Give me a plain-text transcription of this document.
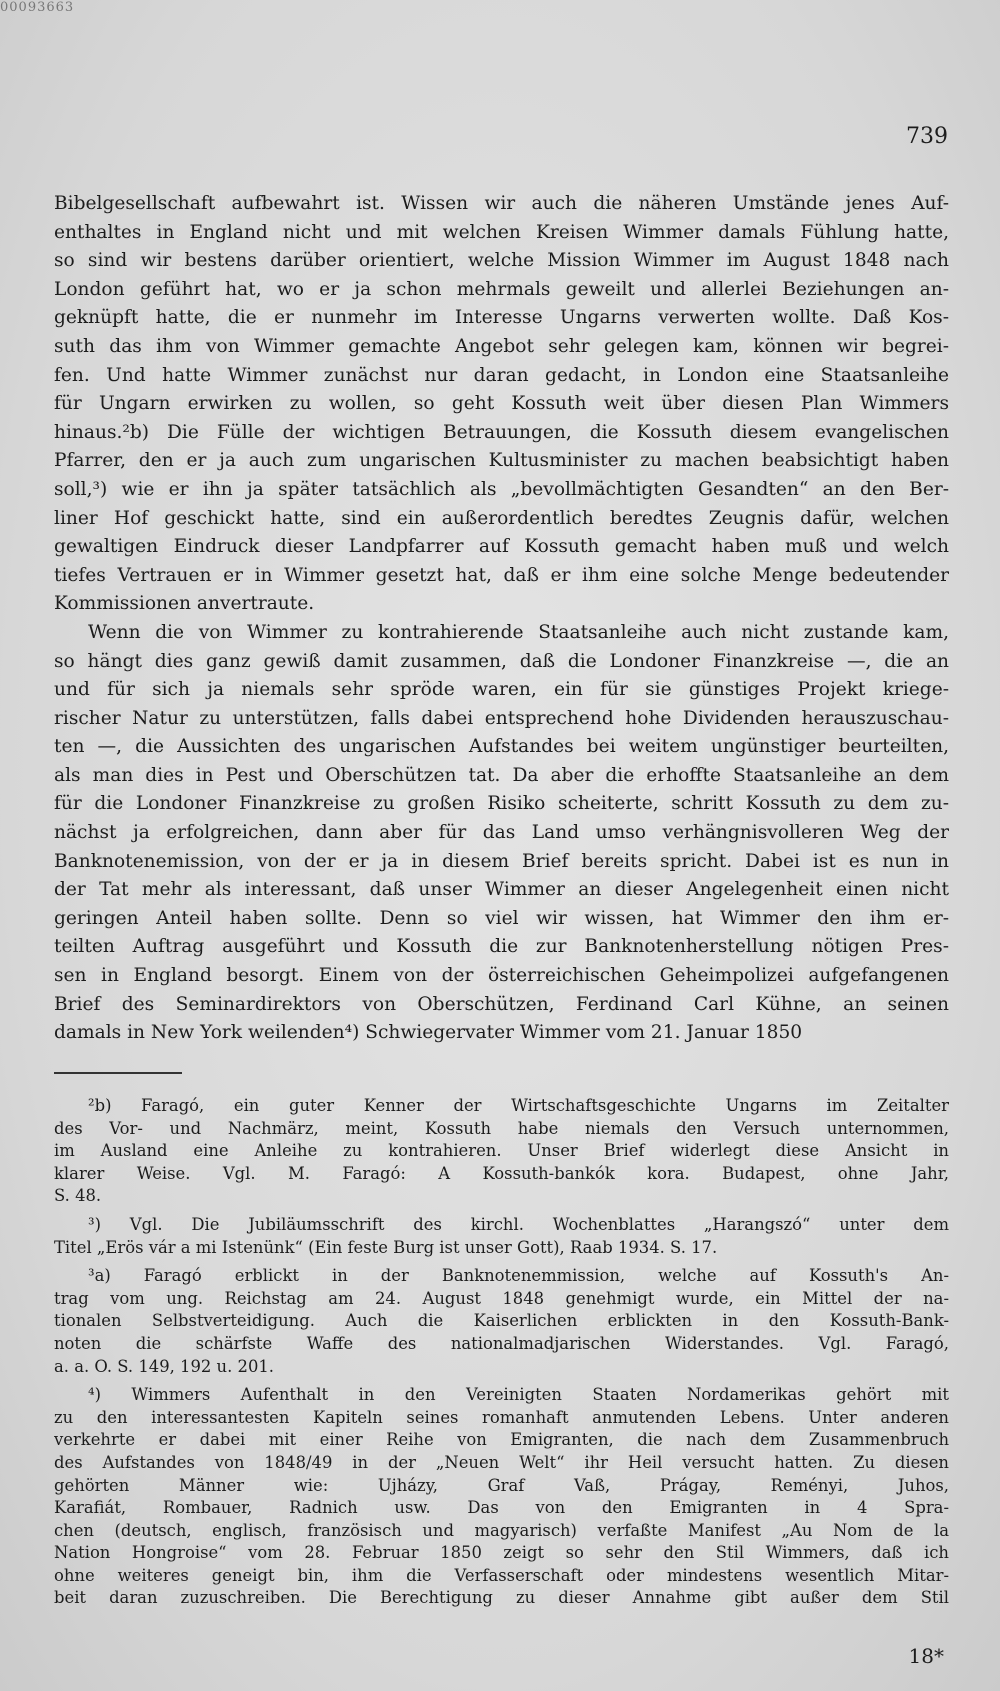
00093663
739
Bibelgesellschaft aufbewahrt ist. Wissen wir auch die näheren Umstände jenes Auf-
enthaltes in England nicht und mit welchen Kreisen Wimmer damals Fühlung hatte,
so sind wir bestens darüber orientiert, welche Mission Wimmer im August 1848 nach
London geführt hat, wo er ja schon mehrmals geweilt und allerlei Beziehungen an-
geknüpft hatte, die er nunmehr im Interesse Ungarns verwerten wollte. Daß Kos-
suth das ihm von Wimmer gemachte Angebot sehr gelegen kam, können wir begrei-
fen. Und hatte Wimmer zunächst nur daran gedacht, in London eine Staatsanleihe
für Ungarn erwirken zu wollen, so geht Kossuth weit über diesen Plan Wimmers
hinaus.²b) Die Fülle der wichtigen Betrauungen, die Kossuth diesem evangelischen
Pfarrer, den er ja auch zum ungarischen Kultusminister zu machen beabsichtigt haben
soll,³) wie er ihn ja später tatsächlich als „bevollmächtigten Gesandten“ an den Ber-
liner Hof geschickt hatte, sind ein außerordentlich beredtes Zeugnis dafür, welchen
gewaltigen Eindruck dieser Landpfarrer auf Kossuth gemacht haben muß und welch
tiefes Vertrauen er in Wimmer gesetzt hat, daß er ihm eine solche Menge bedeutender
Kommissionen anvertraute.
Wenn die von Wimmer zu kontrahierende Staatsanleihe auch nicht zustande kam,
so hängt dies ganz gewiß damit zusammen, daß die Londoner Finanzkreise —, die an
und für sich ja niemals sehr spröde waren, ein für sie günstiges Projekt kriege-
rischer Natur zu unterstützen, falls dabei entsprechend hohe Dividenden herauszuschau-
ten —, die Aussichten des ungarischen Aufstandes bei weitem ungünstiger beurteilten,
als man dies in Pest und Oberschützen tat. Da aber die erhoffte Staatsanleihe an dem
für die Londoner Finanzkreise zu großen Risiko scheiterte, schritt Kossuth zu dem zu-
nächst ja erfolgreichen, dann aber für das Land umso verhängnisvolleren Weg der
Banknotenemission, von der er ja in diesem Brief bereits spricht. Dabei ist es nun in
der Tat mehr als interessant, daß unser Wimmer an dieser Angelegenheit einen nicht
geringen Anteil haben sollte. Denn so viel wir wissen, hat Wimmer den ihm er-
teilten Auftrag ausgeführt und Kossuth die zur Banknotenherstellung nötigen Pres-
sen in England besorgt. Einem von der österreichischen Geheimpolizei aufgefangenen
Brief des Seminardirektors von Oberschützen, Ferdinand Carl Kühne, an seinen
damals in New York weilenden⁴) Schwiegervater Wimmer vom 21. Januar 1850
²b) Faragó, ein guter Kenner der Wirtschaftsgeschichte Ungarns im Zeitalter
des Vor- und Nachmärz, meint, Kossuth habe niemals den Versuch unternommen,
im Ausland eine Anleihe zu kontrahieren. Unser Brief widerlegt diese Ansicht in
klarer Weise. Vgl. M. Faragó: A Kossuth-bankók kora. Budapest, ohne Jahr,
S. 48.
³) Vgl. Die Jubiläumsschrift des kirchl. Wochenblattes „Harangszó“ unter dem
Titel „Erös vár a mi Istenünk“ (Ein feste Burg ist unser Gott), Raab 1934. S. 17.
³a) Faragó erblickt in der Banknotenemmission, welche auf Kossuth's An-
trag vom ung. Reichstag am 24. August 1848 genehmigt wurde, ein Mittel der na-
tionalen Selbstverteidigung. Auch die Kaiserlichen erblickten in den Kossuth-Bank-
noten die schärfste Waffe des nationalmadjarischen Widerstandes. Vgl. Faragó,
a. a. O. S. 149, 192 u. 201.
⁴) Wimmers Aufenthalt in den Vereinigten Staaten Nordamerikas gehört mit
zu den interessantesten Kapiteln seines romanhaft anmutenden Lebens. Unter anderen
verkehrte er dabei mit einer Reihe von Emigranten, die nach dem Zusammenbruch
des Aufstandes von 1848/49 in der „Neuen Welt“ ihr Heil versucht hatten. Zu diesen
gehörten Männer wie: Ujházy, Graf Vaß, Prágay, Reményi, Juhos,
Karafiát, Rombauer, Radnich usw. Das von den Emigranten in 4 Spra-
chen (deutsch, englisch, französisch und magyarisch) verfaßte Manifest „Au Nom de la
Nation Hongroise“ vom 28. Februar 1850 zeigt so sehr den Stil Wimmers, daß ich
ohne weiteres geneigt bin, ihm die Verfasserschaft oder mindestens wesentlich Mitar-
beit daran zuzuschreiben. Die Berechtigung zu dieser Annahme gibt außer dem Stil
18*
